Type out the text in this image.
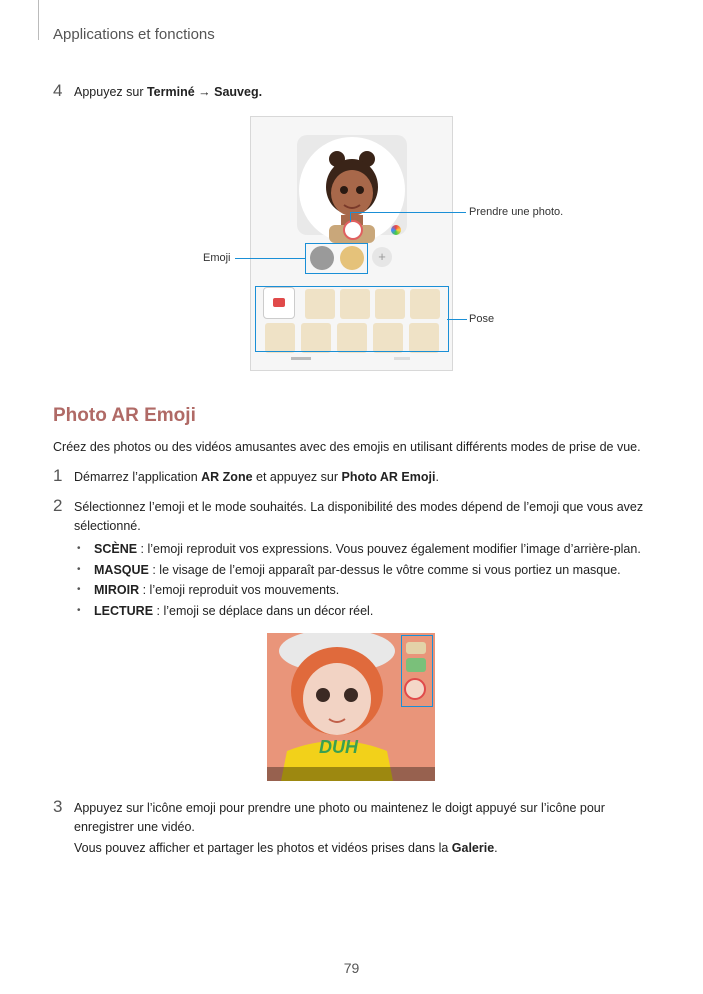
Applications et fonctions
4 Appuyez sur Terminé → Sauveg.
+
Prendre une photo.
Emoji
Pose
Photo AR Emoji
Créez des photos ou des vidéos amusantes avec des emojis en utilisant différents modes de prise de vue.
1 Démarrez l’application AR Zone et appuyez sur Photo AR Emoji.
2 Sélectionnez l’emoji et le mode souhaités. La disponibilité des modes dépend de l’emoji que vous avez
sélectionné.
• SCÈNE : l’emoji reproduit vos expressions. Vous pouvez également modifier l’image d’arrière-plan.
• MASQUE : le visage de l’emoji apparaît par-dessus le vôtre comme si vous portiez un masque.
• MIROIR : l’emoji reproduit vos mouvements.
• LECTURE : l’emoji se déplace dans un décor réel.
DUH
3 Appuyez sur l’icône emoji pour prendre une photo ou maintenez le doigt appuyé sur l’icône pour
enregistrer une vidéo.
Vous pouvez afficher et partager les photos et vidéos prises dans la Galerie.
79
